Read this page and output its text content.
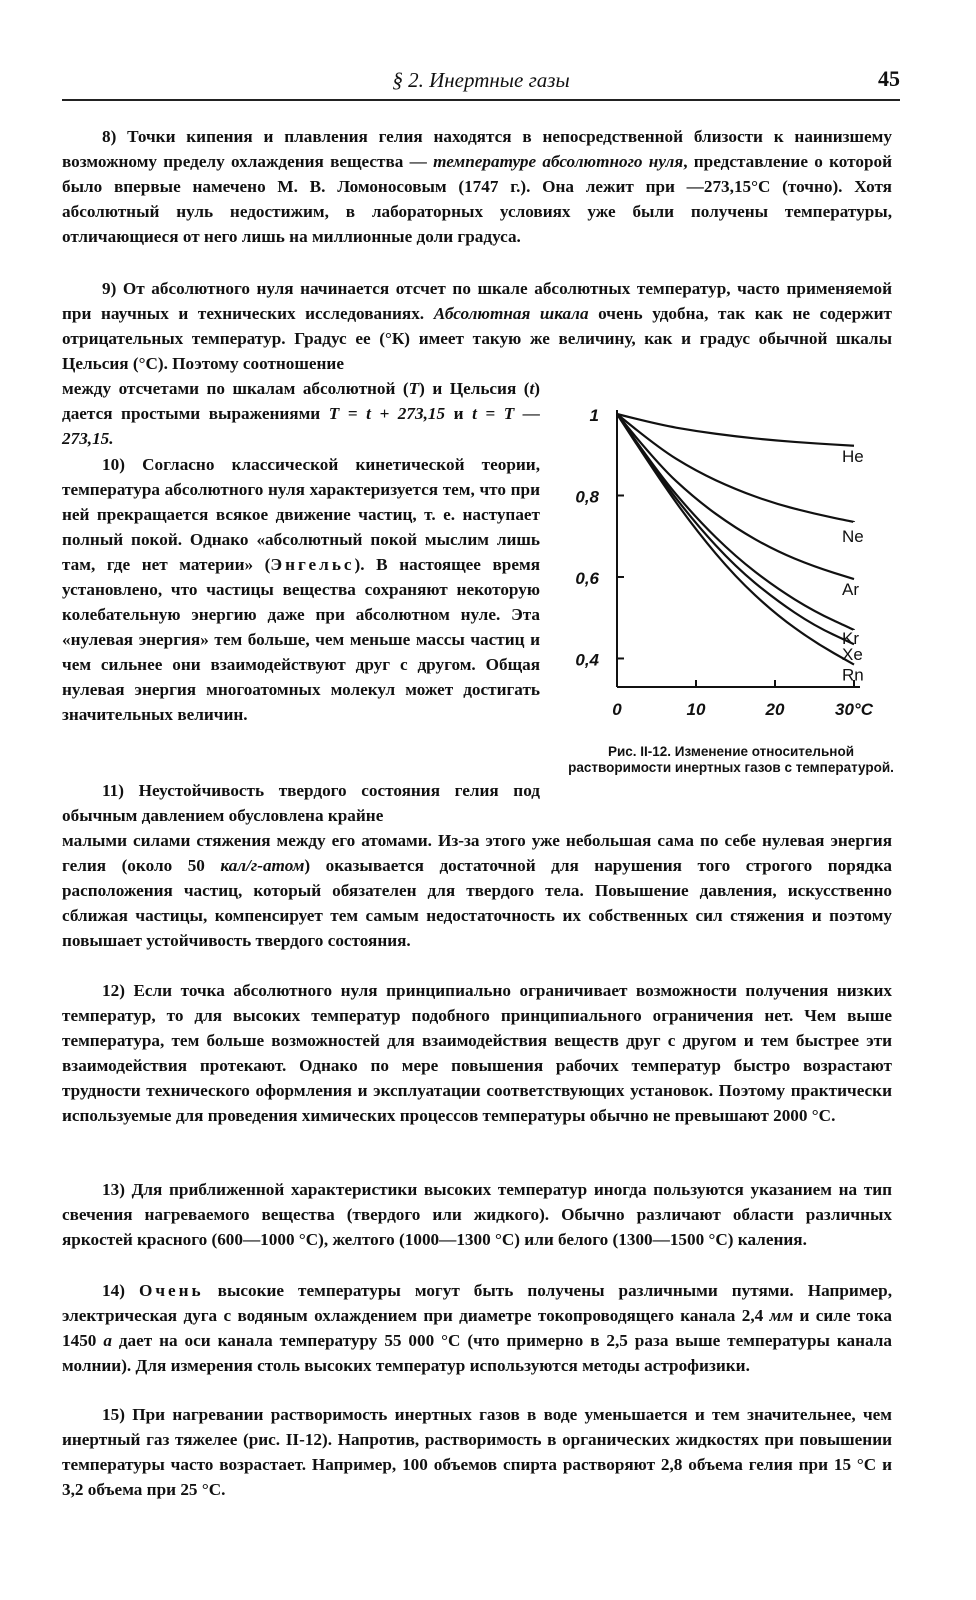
§ 2. Инертные газы	45

8) Точки кипения и плавления гелия находятся в непосредственной близости к наинизшему возможному пределу охлаждения вещества — температуре абсолютного нуля, представление о которой было впервые намечено М. В. Ломоносовым (1747 г.). Она лежит при —273,15°С (точно). Хотя абсолютный нуль недостижим, в лабораторных условиях уже были получены температуры, отличающиеся от него лишь на миллионные доли градуса.

9) От абсолютного нуля начинается отсчет по шкале абсолютных температур, часто применяемой при научных и технических исследованиях. Абсолютная шкала очень удобна, так как не содержит отрицательных температур. Градус ее (°К) имеет такую же величину, как и градус обычной шкалы Цельсия (°С). Поэтому соотношение

между отсчетами по шкалам абсолютной (T) и Цельсия (t) дается простыми выражениями T = t + 273,15 и t = T — 273,15.

10) Согласно классической кинетической теории, температура абсолютного нуля характеризуется тем, что при ней прекращается всякое движение частиц, т. е. наступает полный покой. Однако «абсолютный покой мыслим лишь там, где нет материи» (Энгельс). В настоящее время установлено, что частицы вещества сохраняют некоторую колебательную энергию даже при абсолютном нуле. Эта «нулевая энергия» тем больше, чем меньше массы частиц и чем сильнее они взаимодействуют друг с другом. Общая нулевая энергия многоатомных молекул может достигать значительных величин.

11) Неустойчивость твердого состояния гелия под обычным давлением обусловлена крайне

малыми силами стяжения между его атомами. Из-за этого уже небольшая сама по себе нулевая энергия гелия (около 50 кал/г-атом) оказывается достаточной для нарушения того строгого порядка расположения частиц, который обязателен для твердого тела. Повышение давления, искусственно сближая частицы, компенсирует тем самым недостаточность их собственных сил стяжения и поэтому повышает устойчивость твердого состояния.

12) Если точка абсолютного нуля принципиально ограничивает возможности получения низких температур, то для высоких температур подобного принципиального ограничения нет. Чем выше температура, тем больше возможностей для взаимодействия веществ друг с другом и тем быстрее эти взаимодействия протекают. Однако по мере повышения рабочих температур быстро возрастают трудности технического оформления и эксплуатации соответствующих установок. Поэтому практически используемые для проведения химических процессов температуры обычно не превышают 2000 °С.

13) Для приближенной характеристики высоких температур иногда пользуются указанием на тип свечения нагреваемого вещества (твердого или жидкого). Обычно различают области различных яркостей красного (600—1000 °С), желтого (1000—1300 °С) или белого (1300—1500 °С) каления.

14) Очень высокие температуры могут быть получены различными путями. Например, электрическая дуга с водяным охлаждением при диаметре токопроводящего канала 2,4 мм и силе тока 1450 а дает на оси канала температуру 55 000 °С (что примерно в 2,5 раза выше температуры канала молнии). Для измерения столь высоких температур используются методы астрофизики.

15) При нагревании растворимость инертных газов в воде уменьшается и тем значительнее, чем инертный газ тяжелее (рис. II-12). Напротив, растворимость в органических жидкостях при повышении температуры часто возрастает. Например, 100 объемов спирта растворяют 2,8 объема гелия при 15 °С и 3,2 объема при 25 °С.

1
0,8
0,6
0,4
0	10	20	30°С
He
Ne
Ar
Kr
Xe
Rn
Рис. II-12. Изменение относительной растворимости инертных газов с температурой.
